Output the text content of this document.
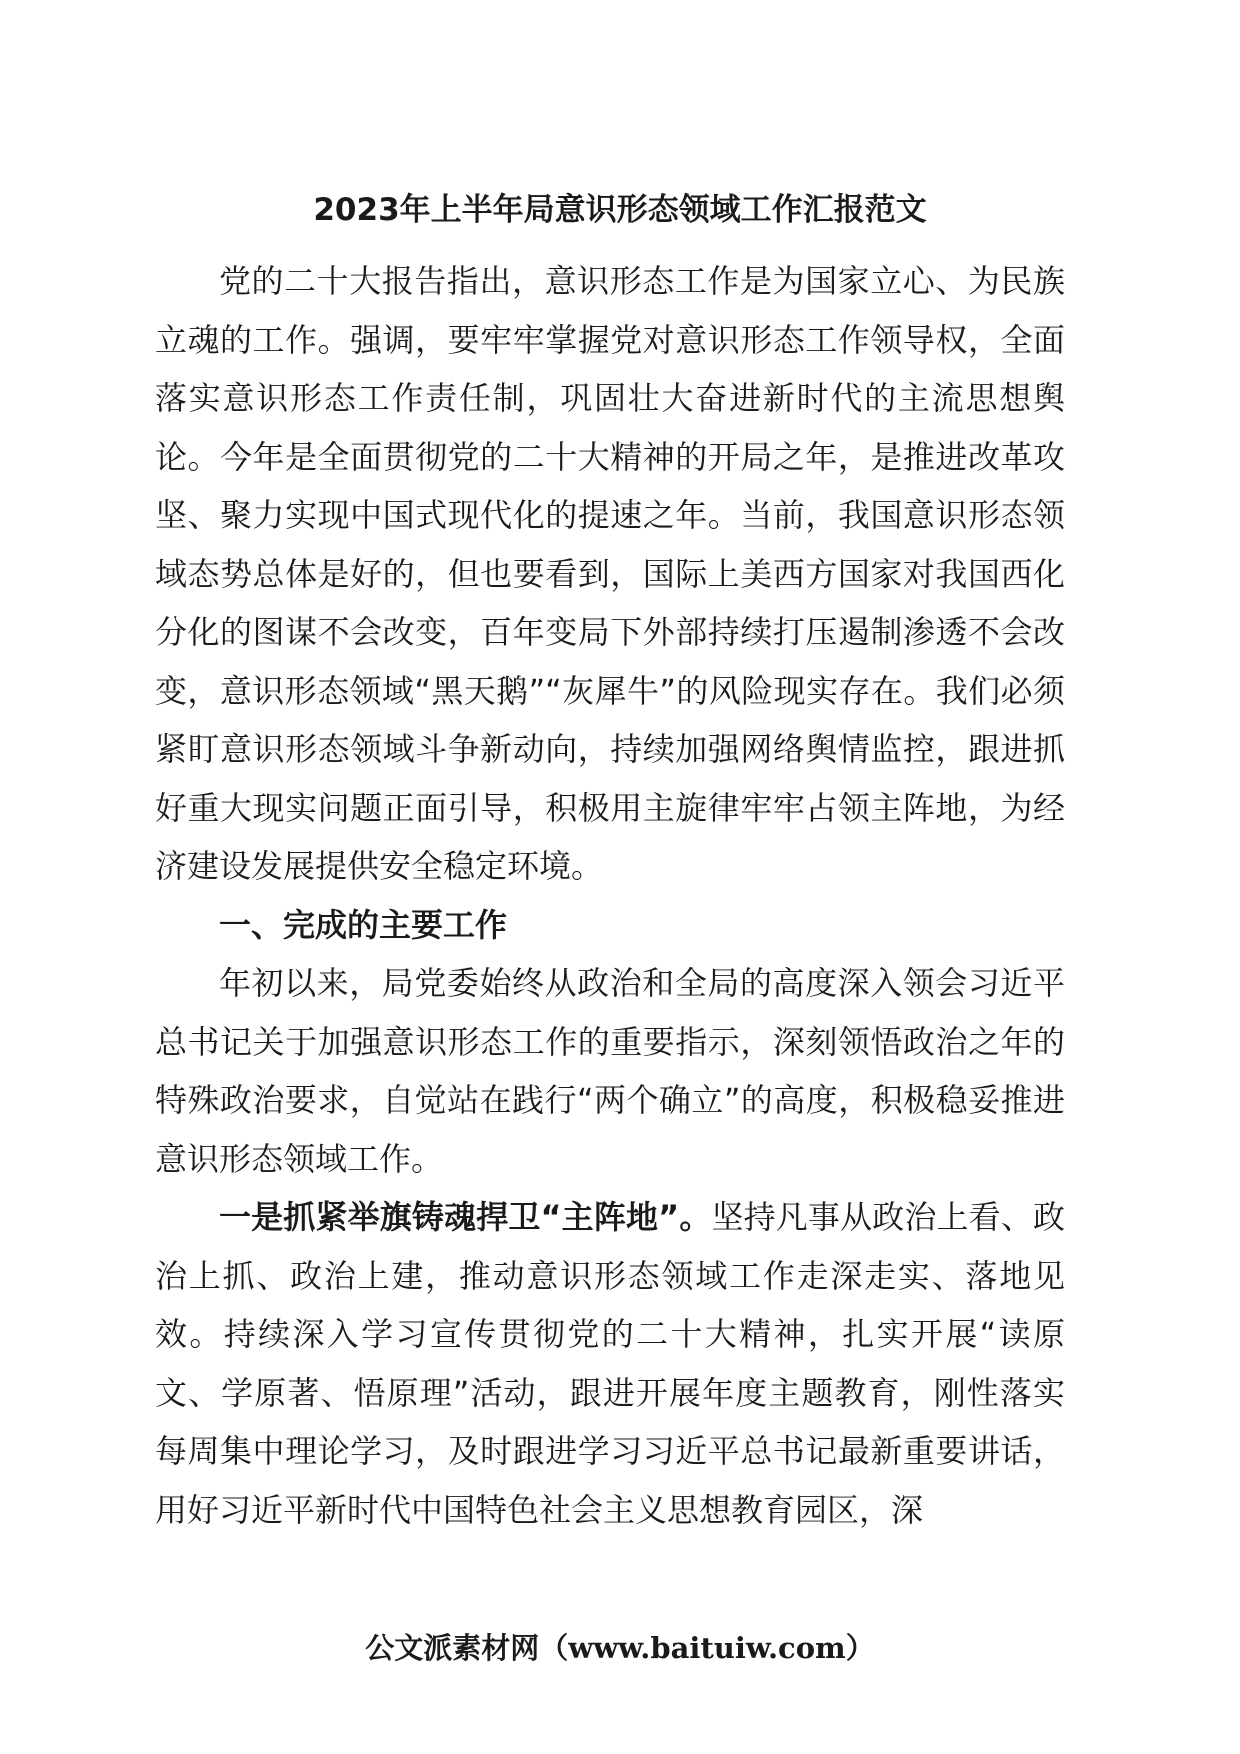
2023年上半年局意识形态领域工作汇报范文

党的二十大报告指出，意识形态工作是为国家立心、为民族立魂的工作。强调，要牢牢掌握党对意识形态工作领导权，全面落实意识形态工作责任制，巩固壮大奋进新时代的主流思想舆论。今年是全面贯彻党的二十大精神的开局之年，是推进改革攻坚、聚力实现中国式现代化的提速之年。当前，我国意识形态领域态势总体是好的，但也要看到，国际上美西方国家对我国西化分化的图谋不会改变，百年变局下外部持续打压遏制渗透不会改变，意识形态领域“黑天鹅”“灰犀牛”的风险现实存在。我们必须紧盯意识形态领域斗争新动向，持续加强网络舆情监控，跟进抓好重大现实问题正面引导，积极用主旋律牢牢占领主阵地，为经济建设发展提供安全稳定环境。

一、完成的主要工作

年初以来，局党委始终从政治和全局的高度深入领会习近平总书记关于加强意识形态工作的重要指示，深刻领悟政治之年的特殊政治要求，自觉站在践行“两个确立”的高度，积极稳妥推进意识形态领域工作。

一是抓紧举旗铸魂捍卫“主阵地”。坚持凡事从政治上看、政治上抓、政治上建，推动意识形态领域工作走深走实、落地见效。持续深入学习宣传贯彻党的二十大精神，扎实开展“读原文、学原著、悟原理”活动，跟进开展年度主题教育，刚性落实每周集中理论学习，及时跟进学习习近平总书记最新重要讲话，用好习近平新时代中国特色社会主义思想教育园区，深

公文派素材网（www.baituiw.com）
